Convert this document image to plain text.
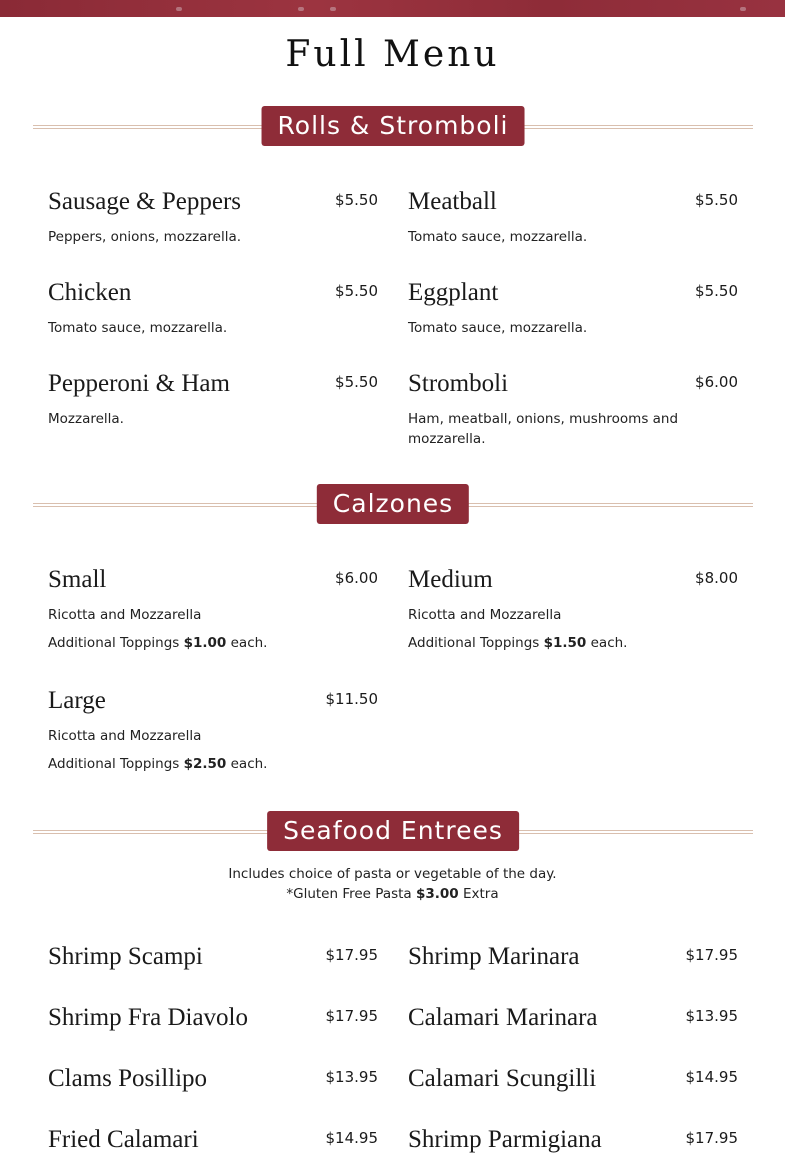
Full Menu
Rolls & Stromboli
Sausage & Peppers	$5.50
Peppers, onions, mozzarella.
Meatball	$5.50
Tomato sauce, mozzarella.
Chicken	$5.50
Tomato sauce, mozzarella.
Eggplant	$5.50
Tomato sauce, mozzarella.
Pepperoni & Ham	$5.50
Mozzarella.
Stromboli	$6.00
Ham, meatball, onions, mushrooms and mozzarella.
Calzones
Small	$6.00
Ricotta and Mozzarella
Additional Toppings $1.00 each.
Medium	$8.00
Ricotta and Mozzarella
Additional Toppings $1.50 each.
Large	$11.50
Ricotta and Mozzarella
Additional Toppings $2.50 each.
Seafood Entrees
Includes choice of pasta or vegetable of the day.
*Gluten Free Pasta $3.00 Extra
Shrimp Scampi	$17.95 Shrimp Marinara	$17.95
Shrimp Fra Diavolo	$17.95 Calamari Marinara	$13.95
Clams Posillipo	$13.95 Calamari Scungilli	$14.95
Fried Calamari	$14.95 Shrimp Parmigiana	$17.95
